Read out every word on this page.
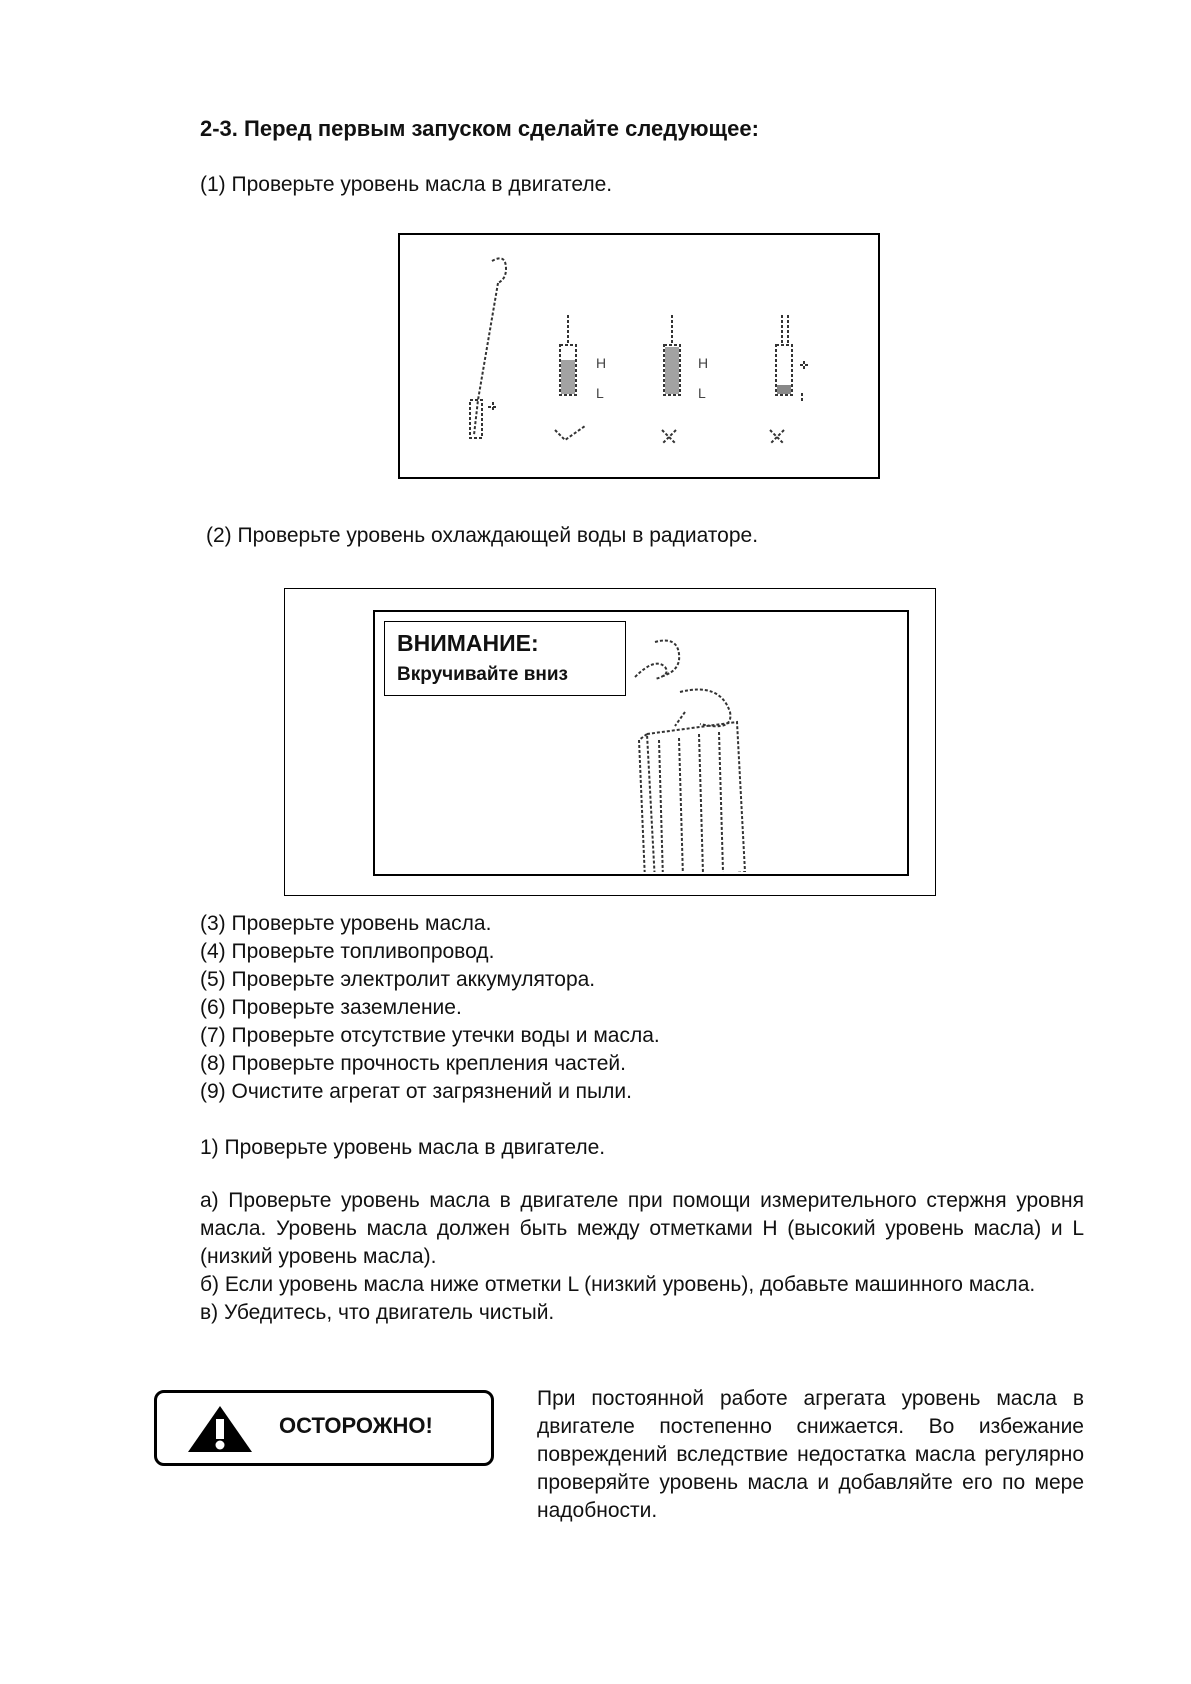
2-3. Перед первым запуском сделайте следующее:
(1) Проверьте уровень масла в двигателе.
H
L
H
L
(2) Проверьте уровень охлаждающей воды в радиаторе.
ВНИМАНИЕ:
Вкручивайте вниз
(3) Проверьте уровень масла.
(4) Проверьте топливопровод.
(5) Проверьте электролит аккумулятора.
(6) Проверьте заземление.
(7) Проверьте отсутствие утечки воды и масла.
(8) Проверьте прочность крепления частей.
(9) Очистите агрегат от загрязнений и пыли.
1) Проверьте уровень масла в двигателе.
а) Проверьте уровень масла в двигателе при помощи измерительного стержня уровня масла. Уровень масла должен быть между отметками H (высокий уровень масла) и L (низкий уровень масла).
б) Если уровень масла ниже отметки L (низкий уровень), добавьте машинного масла.
в) Убедитесь, что двигатель чистый.
ОСТОРОЖНО!
При постоянной работе агрегата уровень масла в двигателе постепенно снижается. Во избежание повреждений вследствие недостатка масла регулярно проверяйте уровень масла и добавляйте его по мере надобности.
